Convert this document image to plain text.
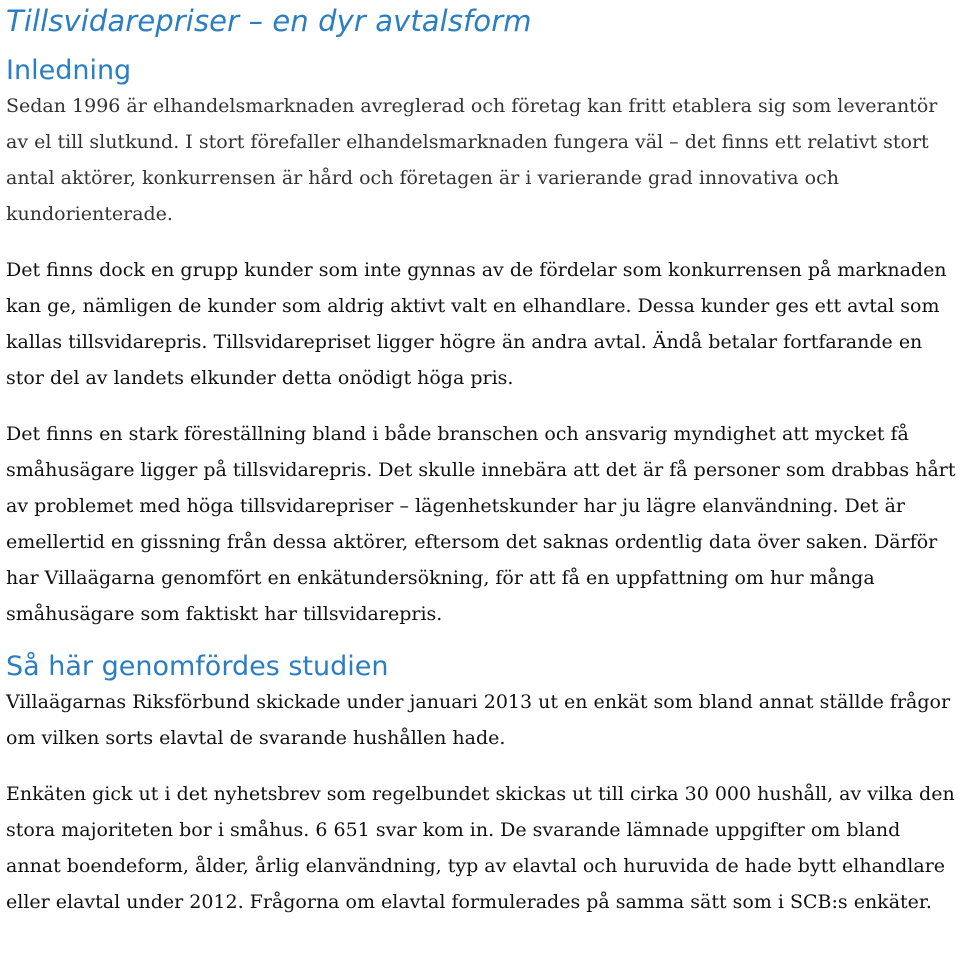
Tillsvidarepriser – en dyr avtalsform
Inledning

Sedan 1996 är elhandelsmarknaden avreglerad och företag kan fritt etablera sig som leverantör av el till slutkund. I stort förefaller elhandelsmarknaden fungera väl – det finns ett relativt stort antal aktörer, konkurrensen är hård och företagen är i varierande grad innovativa och kundorienterade.

Det finns dock en grupp kunder som inte gynnas av de fördelar som konkurrensen på marknaden kan ge, nämligen de kunder som aldrig aktivt valt en elhandlare. Dessa kunder ges ett avtal som kallas tillsvidarepris. Tillsvidarepriset ligger högre än andra avtal. Ändå betalar fortfarande en stor del av landets elkunder detta onödigt höga pris.

Det finns en stark föreställning bland i både branschen och ansvarig myndighet att mycket få småhusägare ligger på tillsvidarepris. Det skulle innebära att det är få personer som drabbas hårt av problemet med höga tillsvidarepriser – lägenhetskunder har ju lägre elanvändning. Det är emellertid en gissning från dessa aktörer, eftersom det saknas ordentlig data över saken. Därför har Villaägarna genomfört en enkätundersökning, för att få en uppfattning om hur många småhusägare som faktiskt har tillsvidarepris.

Så här genomfördes studien

Villaägarnas Riksförbund skickade under januari 2013 ut en enkät som bland annat ställde frågor om vilken sorts elavtal de svarande hushållen hade.

Enkäten gick ut i det nyhetsbrev som regelbundet skickas ut till cirka 30 000 hushåll, av vilka den stora majoriteten bor i småhus. 6 651 svar kom in. De svarande lämnade uppgifter om bland annat boendeform, ålder, årlig elanvändning, typ av elavtal och huruvida de hade bytt elhandlare eller elavtal under 2012. Frågorna om elavtal formulerades på samma sätt som i SCB:s enkäter.
